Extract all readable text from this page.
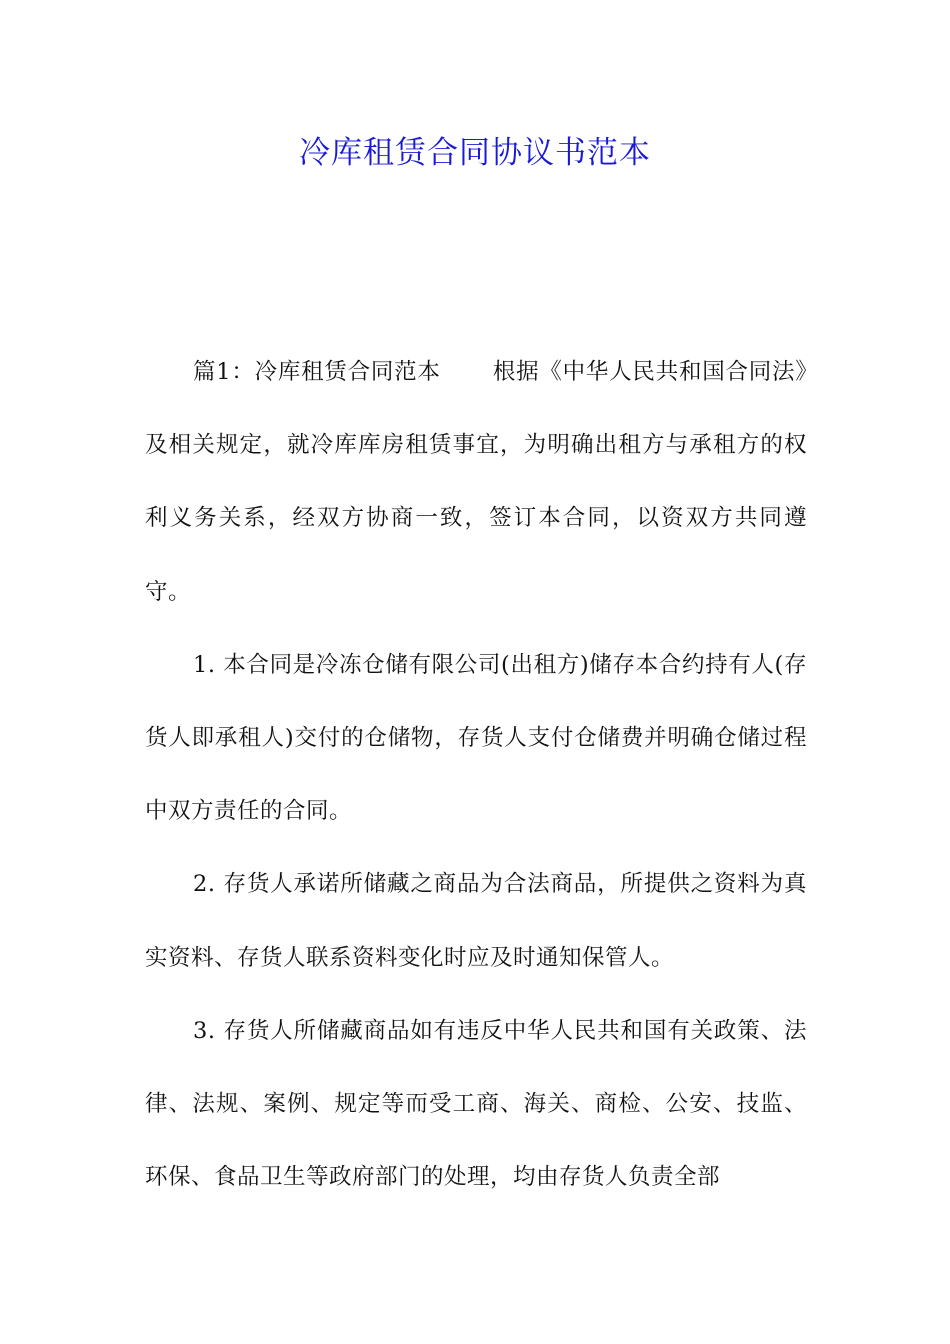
冷库租赁合同协议书范本

篇1：冷库租赁合同范本 根据《中华人民共和国合同法》及相关规定，就冷库库房租赁事宜，为明确出租方与承租方的权利义务关系，经双方协商一致，签订本合同，以资双方共同遵守。

1. 本合同是冷冻仓储有限公司(出租方)储存本合约持有人(存货人即承租人)交付的仓储物，存货人支付仓储费并明确仓储过程中双方责任的合同。

2. 存货人承诺所储藏之商品为合法商品，所提供之资料为真实资料、存货人联系资料变化时应及时通知保管人。

3. 存货人所储藏商品如有违反中华人民共和国有关政策、法律、法规、案例、规定等而受工商、海关、商检、公安、技监、环保、食品卫生等政府部门的处理，均由存货人负责全部
